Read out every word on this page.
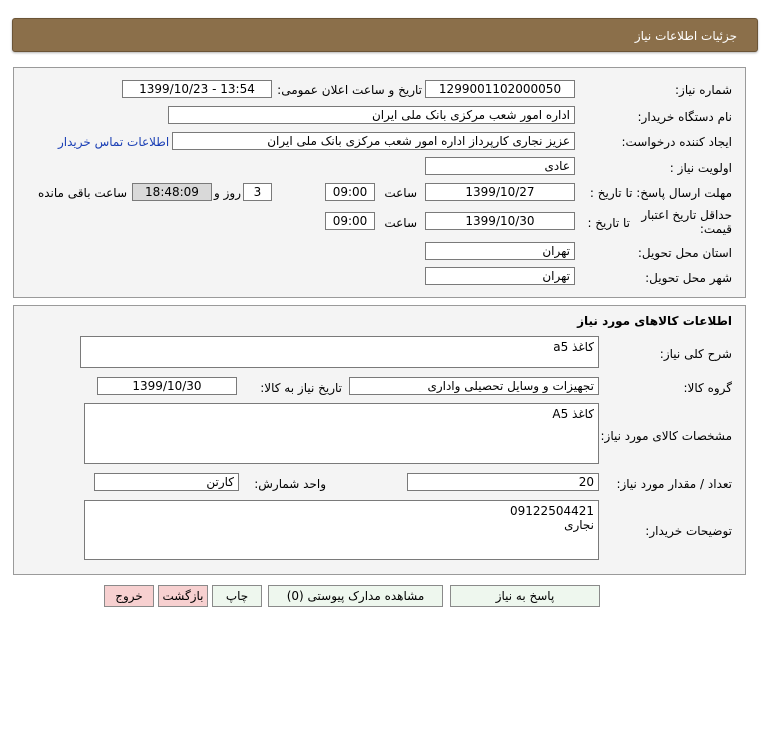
جزئیات اطلاعات نیاز
شماره نیاز:
1299001102000050
تاریخ و ساعت اعلان عمومی:
1399/10/23 - 13:54
نام دستگاه خریدار:
اداره امور شعب مرکزی بانک ملی ایران
ایجاد کننده درخواست:
عزیز نجاری کارپرداز اداره امور شعب مرکزی بانک ملی ایران
اطلاعات تماس خریدار
اولویت نیاز :
عادی
مهلت ارسال پاسخ: تا تاریخ :
1399/10/27
ساعت
09:00
3
روز و
18:48:09
ساعت باقی مانده
حداقل تاریخ اعتبار قیمت:
تا تاریخ :
1399/10/30
ساعت
09:00
استان محل تحویل:
تهران
شهر محل تحویل:
تهران
اطلاعات کالاهای مورد نیاز
شرح کلی نیاز:
کاغذ a5
گروه کالا:
تجهیزات و وسایل تحصیلی واداری
تاریخ نیاز به کالا:
1399/10/30
مشخصات کالای مورد نیاز:
کاغذ A5
تعداد / مقدار مورد نیاز:
20
واحد شمارش:
کارتن
توضیحات خریدار:
09122504421
نجاری
پاسخ به نیاز
مشاهده مدارک پیوستی (0)
چاپ
بازگشت
خروج
